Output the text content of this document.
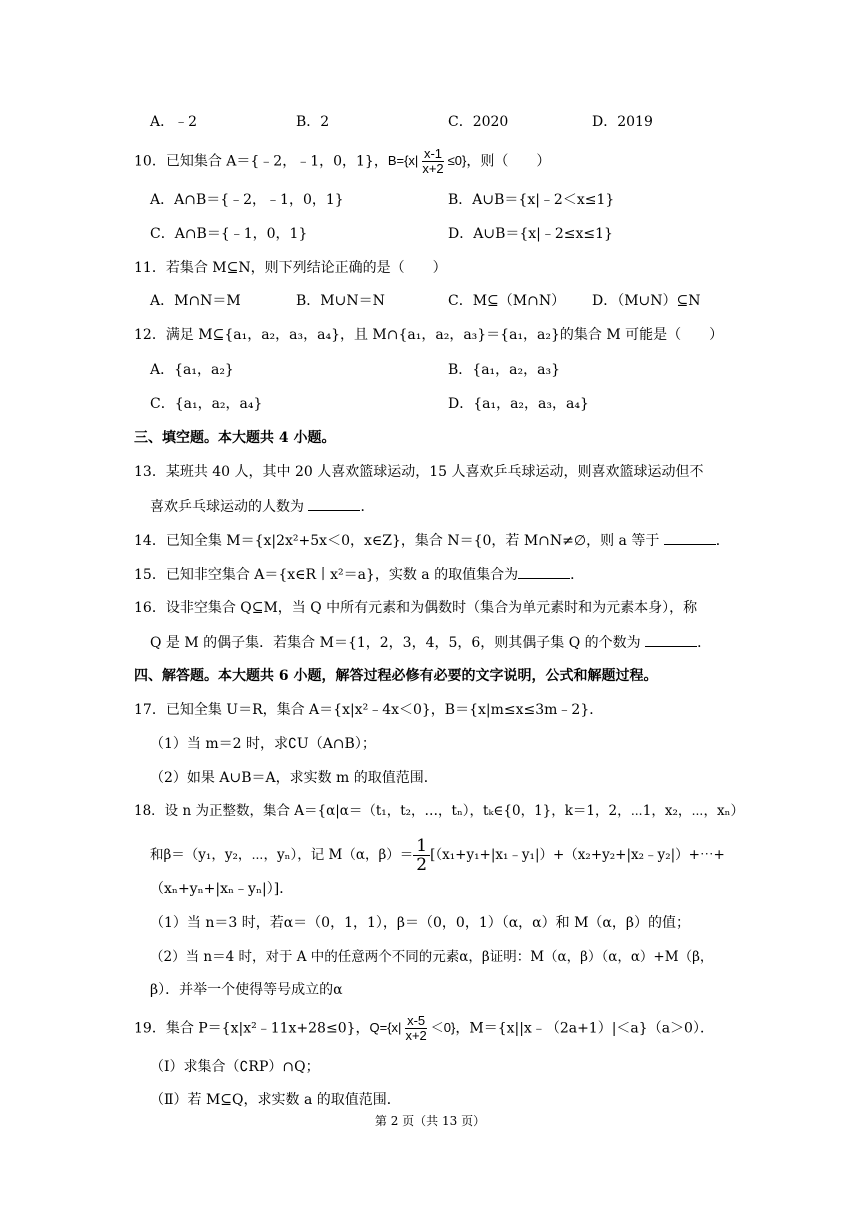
A．﹣2	B．2	C．2020	D．2019
10．已知集合 A＝{﹣2，﹣1，0，1}，$B=\{x| \frac{x-1}{x+2} \le 0\}$，则（　　）
A．A∩B＝{﹣2，﹣1，0，1}	B．A∪B＝{x|﹣2＜x≤1}
C．A∩B＝{﹣1，0，1}	D．A∪B＝{x|﹣2≤x≤1}
11．若集合 M⊆N，则下列结论正确的是（　　）
A．M∩N＝M	B．M∪N＝N	C．M⊆（M∩N） D．（M∪N）⊆N
12．满足 M⊆{a₁，a₂，a₃，a₄}，且 M∩{a₁，a₂，a₃}＝{a₁，a₂}的集合 M 可能是（　　）
A．{a₁，a₂}	B．{a₁，a₂，a₃}
C．{a₁，a₂，a₄}	D．{a₁，a₂，a₃，a₄}
三、填空题。本大题共 4 小题。
13．某班共 40 人，其中 20 人喜欢篮球运动，15 人喜欢乒乓球运动，则喜欢篮球运动但不
喜欢乒乓球运动的人数为	．
14．已知全集 M＝{x|2x²+5x＜0，x∈Z}，集合 N＝{0，若 M∩N≠∅，则 a 等于	．
15．已知非空集合 A＝{x∈R丨x²＝a}，实数 a 的取值集合为	．
16．设非空集合 Q⊆M，当 Q 中所有元素和为偶数时（集合为单元素时和为元素本身），称
Q 是 M 的偶子集．若集合 M＝{1，2，3，4，5，6，则其偶子集 Q 的个数为	．
四、解答题。本大题共 6 小题，解答过程必修有必要的文字说明，公式和解题过程。
17．已知全集 U＝R，集合 A＝{x|x²﹣4x＜0}，B＝{x|m≤x≤3m﹣2}．
（1）当 m＝2 时，求∁U（A∩B）；
（2）如果 A∪B＝A，求实数 m 的取值范围．
18．设 n 为正整数，集合 A＝{α|α＝（t₁，t₂，…，tₙ），tₖ∈{0，1}，k＝1，2，⋯1，x₂，⋯，xₙ）
和β＝（y₁，y₂，⋯，yₙ），记 M（α，$\beta)= \frac{1}{2}$ [（x₁+y₁+|x₁﹣y₁|）+（x₂+y₂+|x₂﹣y₂|）+⋯+
（xₙ+yₙ+|xₙ﹣yₙ|）]．
（1）当 n＝3 时，若α＝（0，1，1），β＝（0，0，1）（α，α）和 M（α，β）的值；
（2）当 n＝4 时，对于 A 中的任意两个不同的元素α，β证明：M（α，β）（α，α）+M（β，
β）．并举一个使得等号成立的α
19．集合 P＝{x|x²﹣11x+28≤0}，$Q=\{x| \frac{x-5}{x+2} <0\}$，M＝{x||x﹣（2a+1）|＜a}（a＞0）．
（Ⅰ）求集合（∁RP）∩Q；
（Ⅱ）若 M⊆Q，求实数 a 的取值范围．
第 2 页（共 13 页）
